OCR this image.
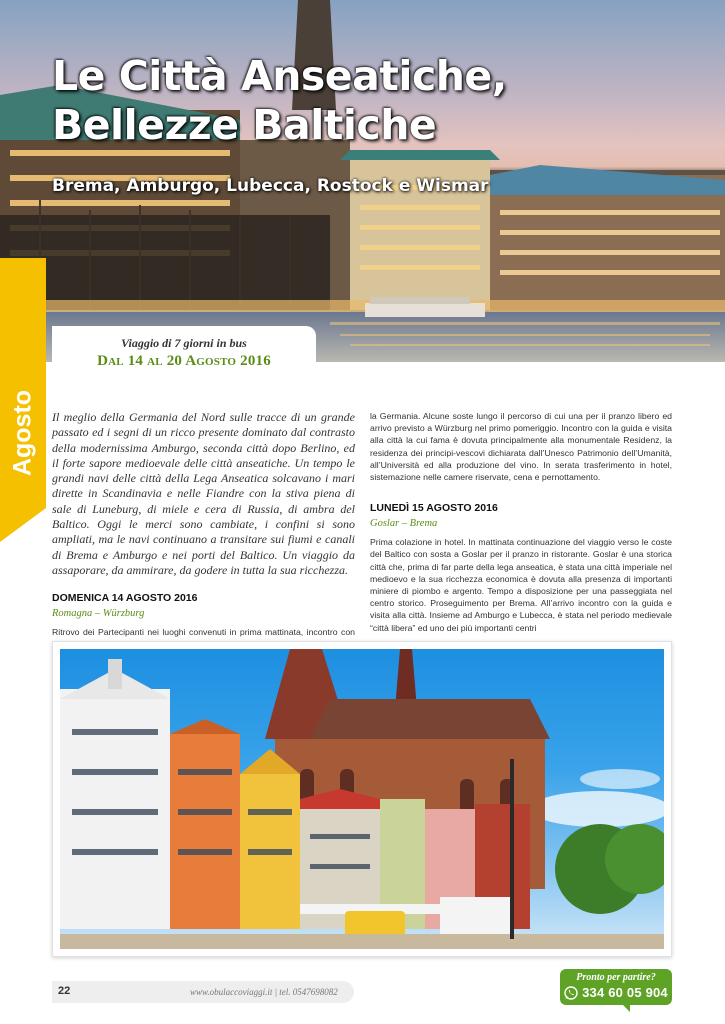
Le Città Anseatiche,
Bellezze Baltiche
Brema, Amburgo, Lubecca, Rostock e Wismar
Agosto
Viaggio di 7 giorni in bus
Dal 14 al 20 Agosto 2016

Il meglio della Germania del Nord sulle tracce di un grande passato ed i segni di un ricco presente dominato dal contrasto della modernissima Amburgo, seconda città dopo Berlino, ed il forte sapore medioevale delle città anseatiche. Un tempo le grandi navi delle città della Lega Anseatica solcavano i mari dirette in Scandinavia e nelle Fiandre con la stiva piena di sale di Luneburg, di miele e cera di Russia, di ambra del Baltico. Oggi le merci sono cambiate, i confini si sono ampliati, ma le navi continuano a transitare sui fiumi e canali di Brema e Amburgo e nei porti del Baltico. Un viaggio da assaporare, da ammirare, da godere in tutta la sua ricchezza.

DOMENICA 14 AGOSTO 2016
Romagna – Würzburg

Ritrovo dei Partecipanti nei luoghi convenuti in prima mattinata, incontro con

la Germania. Alcune soste lungo il percorso di cui una per il pranzo libero ed arrivo previsto a Würzburg nel primo pomeriggio. Incontro con la guida e visita alla città la cui fama è dovuta principalmente alla monumentale Residenz, la residenza dei principi-vescovi dichiarata dall’Unesco Patrimonio dell’Umanità, all’Università ed alla produzione del vino. In serata trasferimento in hotel, sistemazione nelle camere riservate, cena e pernottamento.

LUNEDÌ 15 AGOSTO 2016
Goslar – Brema

Prima colazione in hotel. In mattinata continuazione del viaggio verso le coste del Baltico con sosta a Goslar per il pranzo in ristorante. Goslar è una storica città che, prima di far parte della lega anseatica, è stata una città imperiale nel medioevo e la sua ricchezza economica è dovuta alla presenza di importanti miniere di piombo e argento. Tempo a disposizione per una passeggiata nel centro storico. Proseguimento per Brema. All’arrivo incontro con la guida e visita alla città. Insieme ad Amburgo e Lubecca, è stata nel periodo medievale “città libera” ed uno dei più importanti centri

22	www.obulaccoviaggi.it | tel. 0547698082
Pronto per partire?
334 60 05 904
